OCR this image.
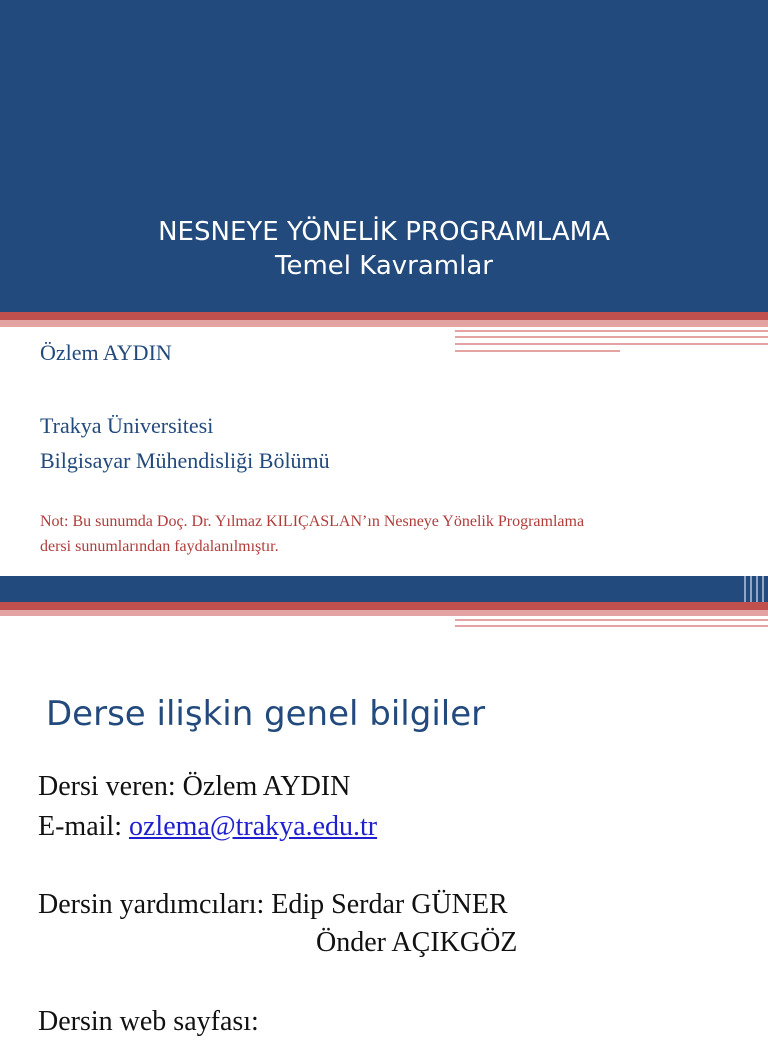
NESNEYE YÖNELİK PROGRAMLAMA
Temel Kavramlar
Özlem AYDIN
Trakya Üniversitesi
Bilgisayar Mühendisliği Bölümü
Not: Bu sunumda Doç. Dr. Yılmaz KILIÇASLAN’ın Nesneye Yönelik Programlama
dersi sunumlarından faydalanılmıştır.
Derse ilişkin genel bilgiler
Dersi veren: Özlem AYDIN
E-mail: ozlema@trakya.edu.tr
Dersin yardımcıları: Edip Serdar GÜNER
Önder AÇIKGÖZ
Dersin web sayfası:
